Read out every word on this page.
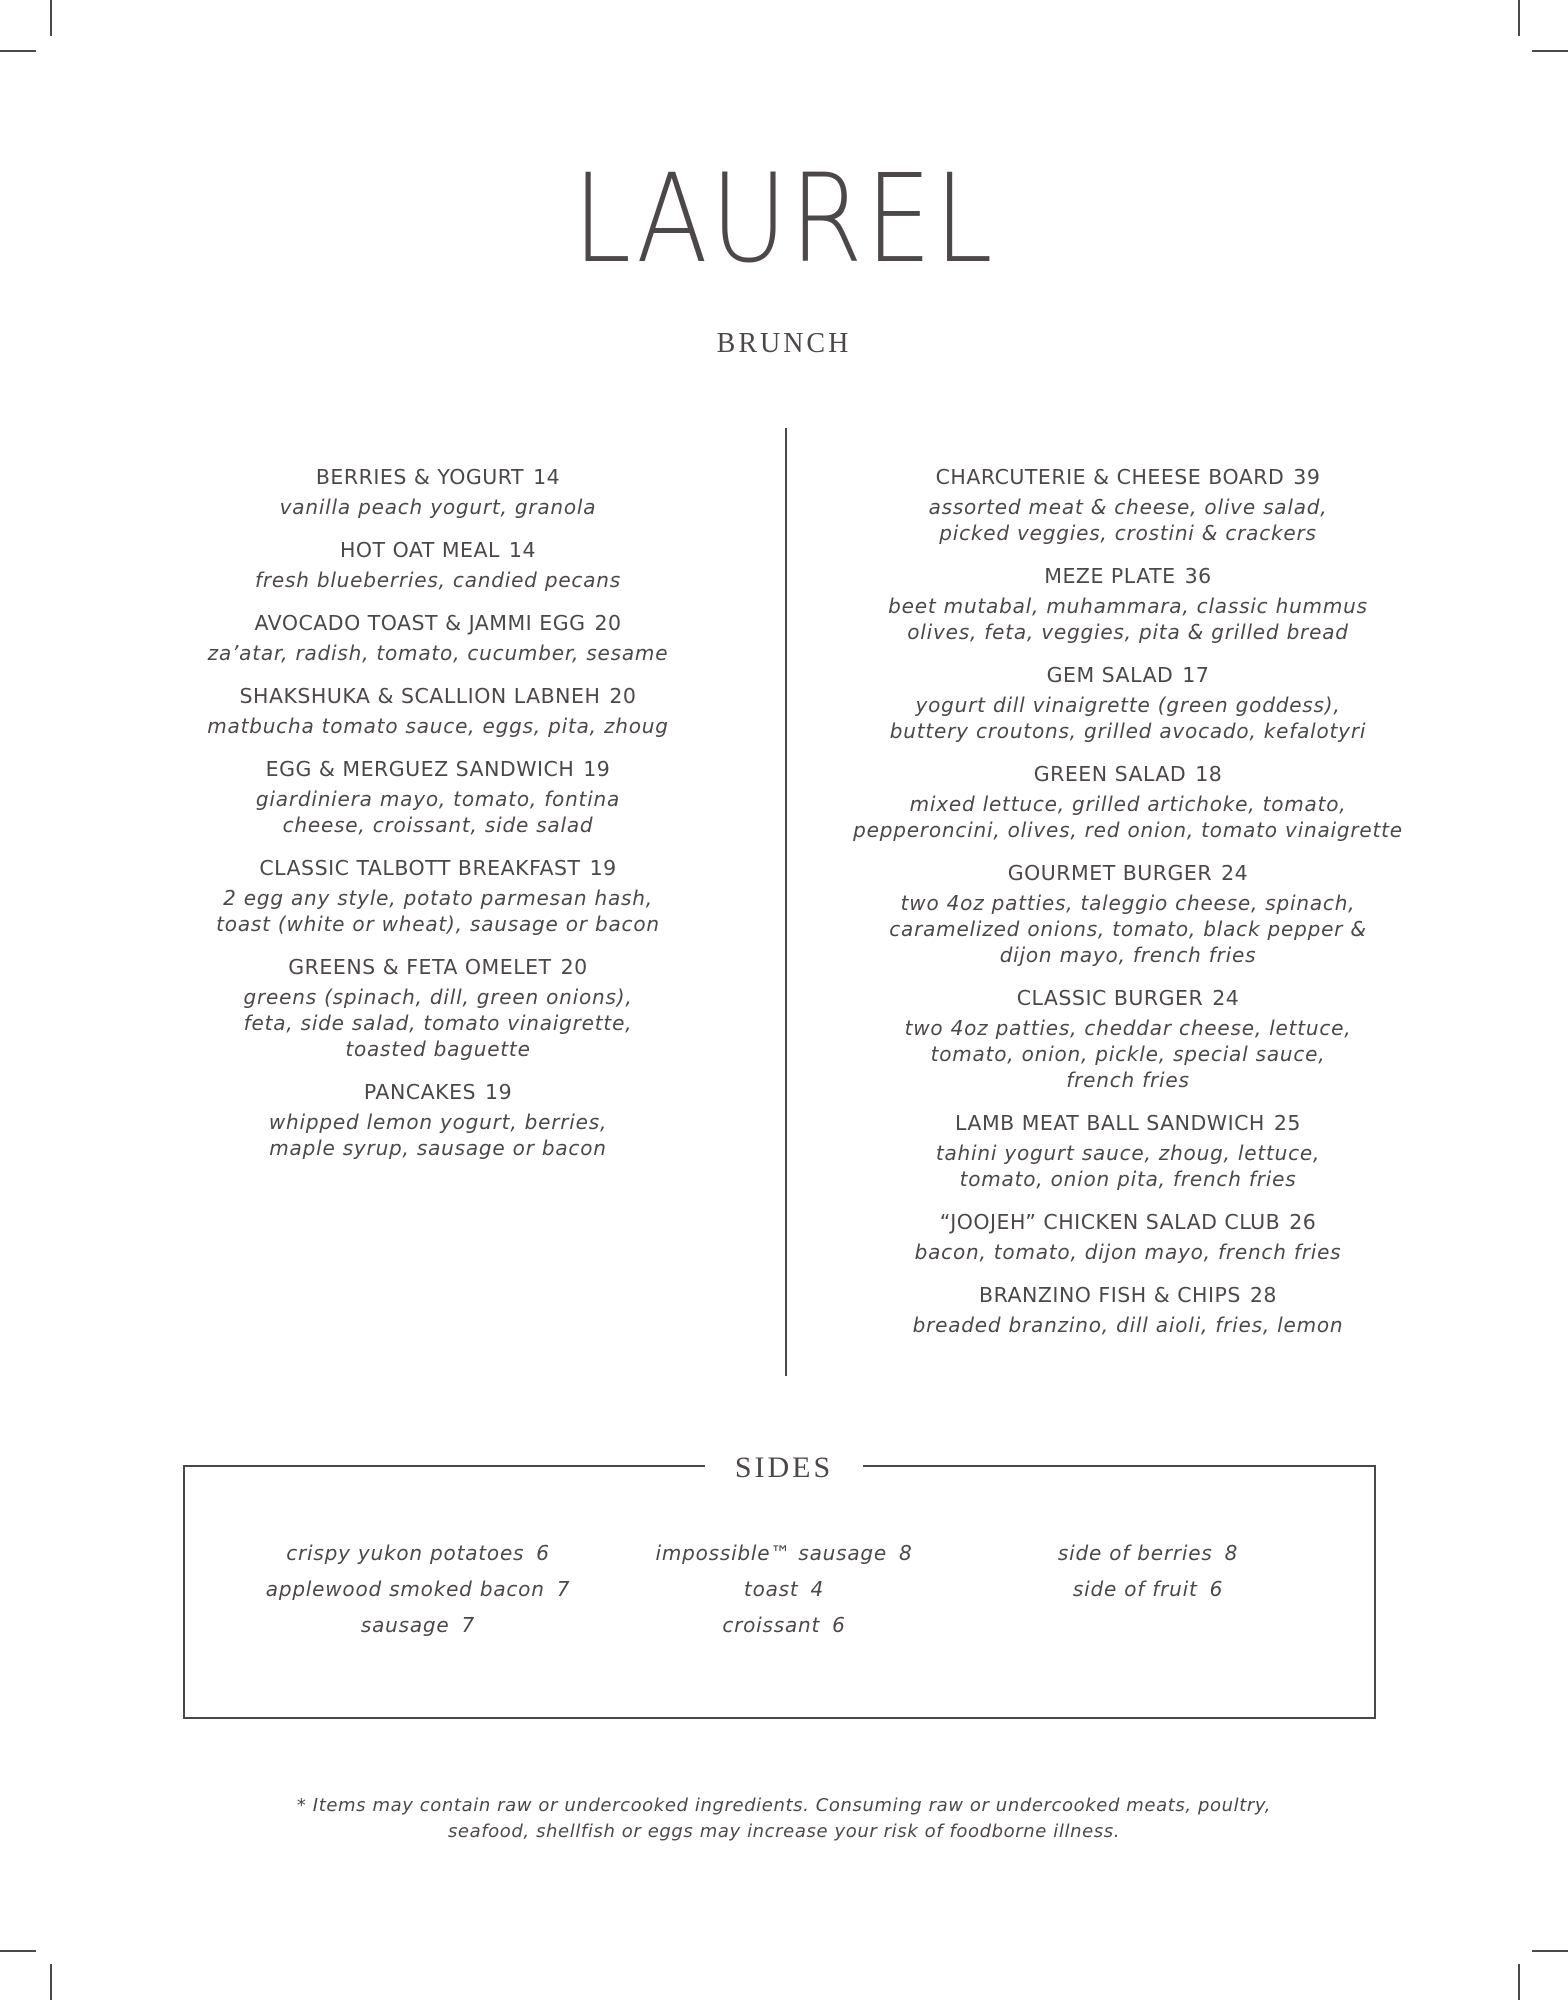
LAUREL
BRUNCH
BERRIES & YOGURT 14
vanilla peach yogurt, granola
HOT OAT MEAL 14
fresh blueberries, candied pecans
AVOCADO TOAST & JAMMI EGG 20
za’atar, radish, tomato, cucumber, sesame
SHAKSHUKA & SCALLION LABNEH 20
matbucha tomato sauce, eggs, pita, zhoug
EGG & MERGUEZ SANDWICH 19
giardiniera mayo, tomato, fontina
cheese, croissant, side salad
CLASSIC TALBOTT BREAKFAST 19
2 egg any style, potato parmesan hash,
toast (white or wheat), sausage or bacon
GREENS & FETA OMELET 20
greens (spinach, dill, green onions),
feta, side salad, tomato vinaigrette,
toasted baguette
PANCAKES 19
whipped lemon yogurt, berries,
maple syrup, sausage or bacon
CHARCUTERIE & CHEESE BOARD 39
assorted meat & cheese, olive salad,
picked veggies, crostini & crackers
MEZE PLATE 36
beet mutabal, muhammara, classic hummus
olives, feta, veggies, pita & grilled bread
GEM SALAD 17
yogurt dill vinaigrette (green goddess),
buttery croutons, grilled avocado, kefalotyri
GREEN SALAD 18
mixed lettuce, grilled artichoke, tomato,
pepperoncini, olives, red onion, tomato vinaigrette
GOURMET BURGER 24
two 4oz patties, taleggio cheese, spinach,
caramelized onions, tomato, black pepper &
dijon mayo, french fries
CLASSIC BURGER 24
two 4oz patties, cheddar cheese, lettuce,
tomato, onion, pickle, special sauce,
french fries
LAMB MEAT BALL SANDWICH 25
tahini yogurt sauce, zhoug, lettuce,
tomato, onion pita, french fries
“JOOJEH” CHICKEN SALAD CLUB 26
bacon, tomato, dijon mayo, french fries
BRANZINO FISH & CHIPS 28
breaded branzino, dill aioli, fries, lemon
SIDES
crispy yukon potatoes 6
applewood smoked bacon 7
sausage 7
impossible™ sausage 8
toast 4
croissant 6
side of berries 8
side of fruit 6
* Items may contain raw or undercooked ingredients. Consuming raw or undercooked meats, poultry,
seafood, shellfish or eggs may increase your risk of foodborne illness.
